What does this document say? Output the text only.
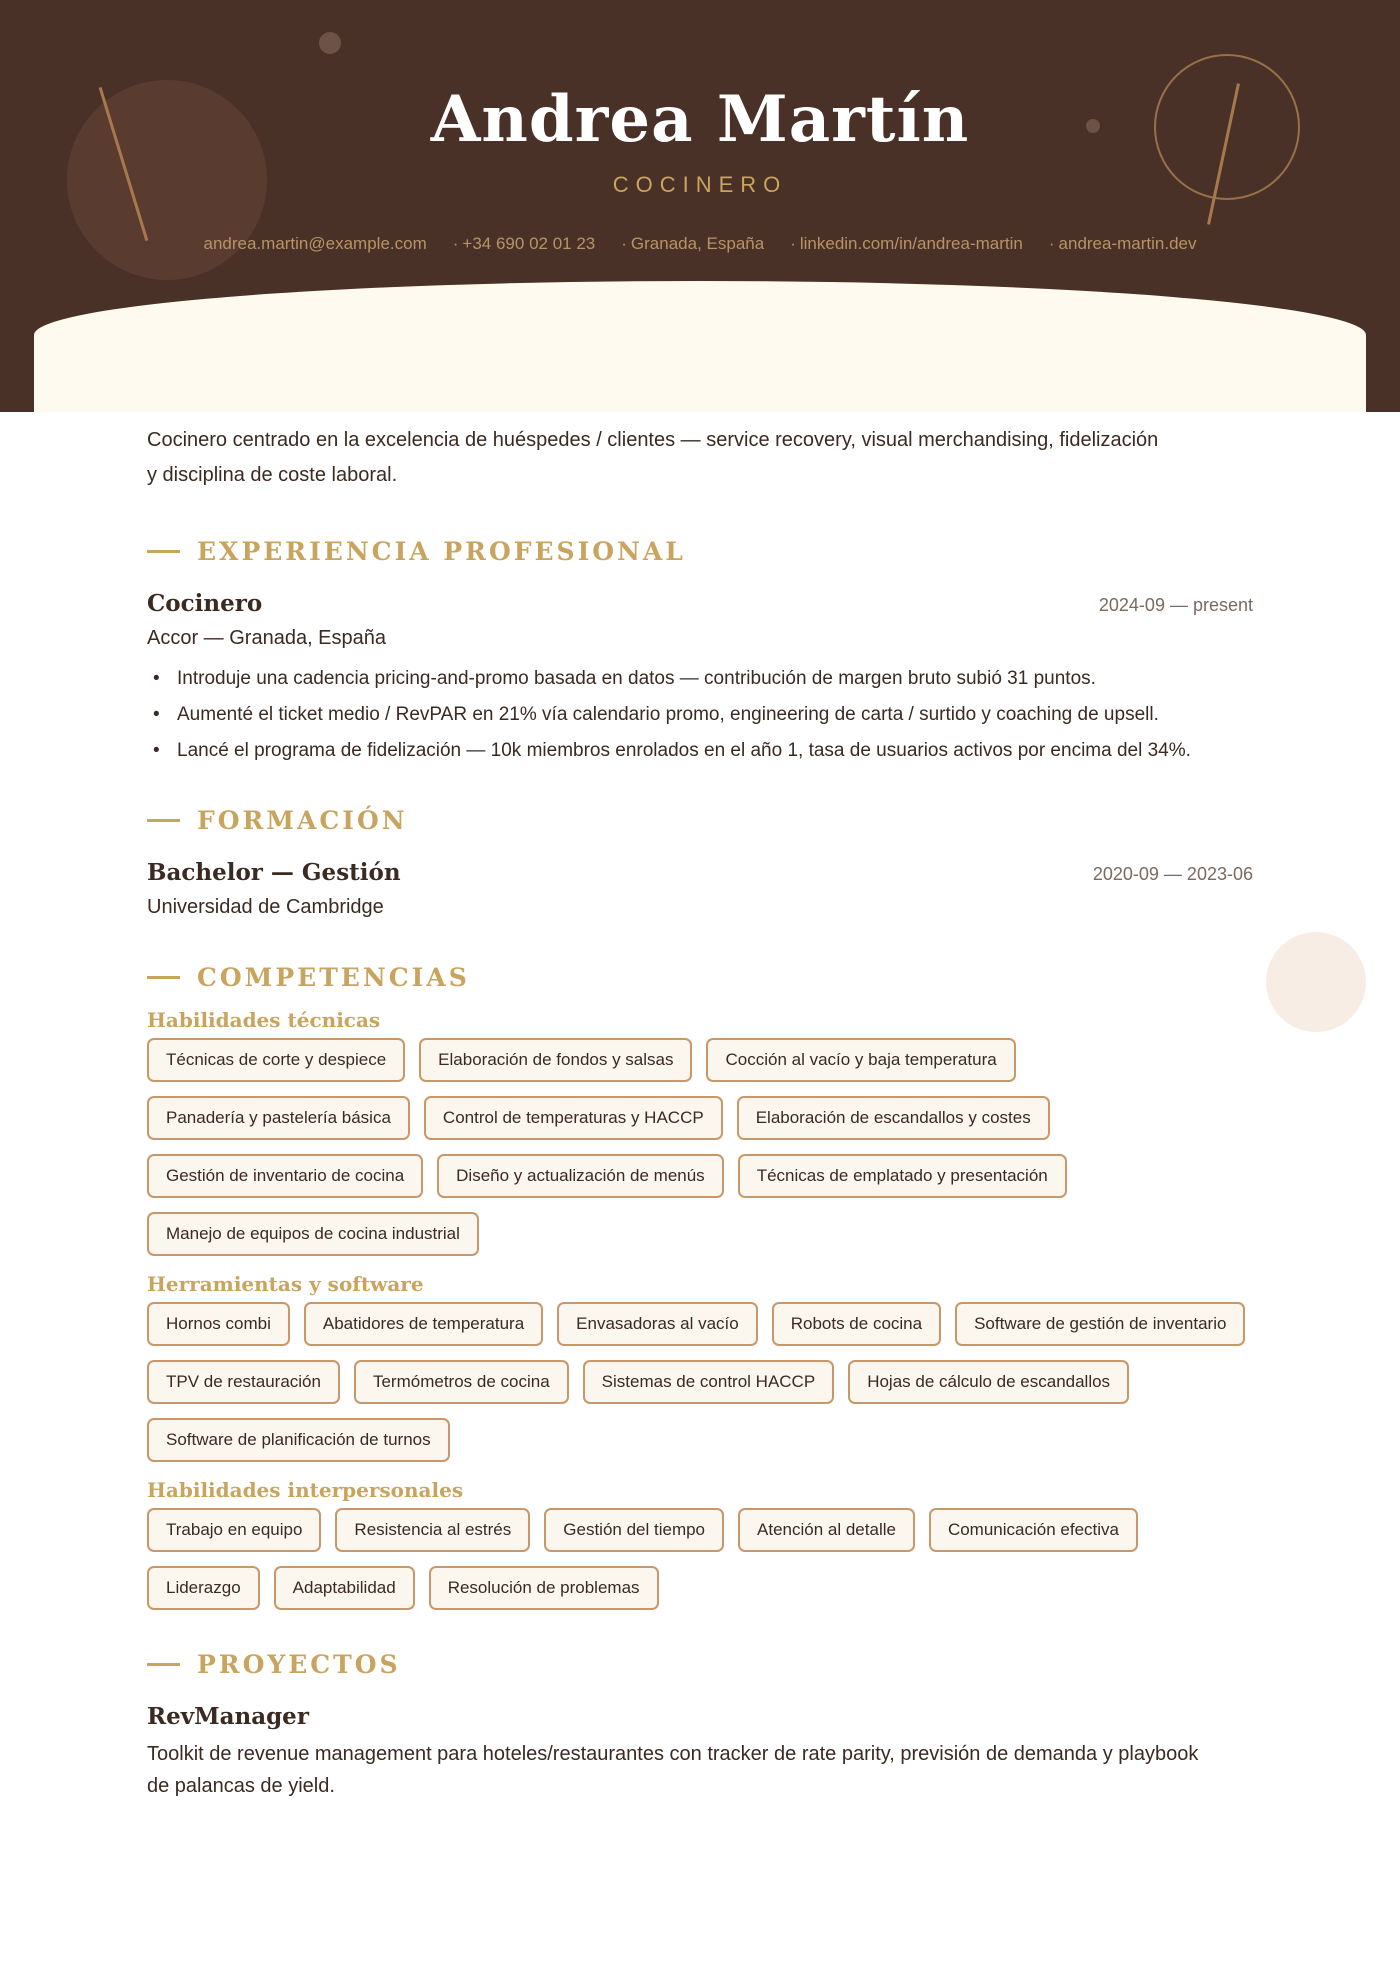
Andrea Martín
COCINERO
andrea.martin@example.com · +34 690 02 01 23 · Granada, España · linkedin.com/in/andrea-martin · andrea-martin.dev

Cocinero centrado en la excelencia de huéspedes / clientes — service recovery, visual merchandising, fidelización y disciplina de coste laboral.

EXPERIENCIA PROFESIONAL
Cocinero	2024-09 — present
Accor — Granada, España
• Introduje una cadencia pricing-and-promo basada en datos — contribución de margen bruto subió 31 puntos.
• Aumenté el ticket medio / RevPAR en 21% vía calendario promo, engineering de carta / surtido y coaching de upsell.
• Lancé el programa de fidelización — 10k miembros enrolados en el año 1, tasa de usuarios activos por encima del 34%.
FORMACIÓN
Bachelor — Gestión	2020-09 — 2023-06
Universidad de Cambridge
COMPETENCIAS
Habilidades técnicas
Técnicas de corte y despiece	Elaboración de fondos y salsas	Cocción al vacío y baja temperatura
Panadería y pastelería básica	Control de temperaturas y HACCP	Elaboración de escandallos y costes
Gestión de inventario de cocina	Diseño y actualización de menús	Técnicas de emplatado y presentación
Manejo de equipos de cocina industrial
Herramientas y software
Hornos combi	Abatidores de temperatura	Envasadoras al vacío	Robots de cocina	Software de gestión de inventario
TPV de restauración	Termómetros de cocina	Sistemas de control HACCP	Hojas de cálculo de escandallos
Software de planificación de turnos
Habilidades interpersonales
Trabajo en equipo	Resistencia al estrés	Gestión del tiempo	Atención al detalle	Comunicación efectiva
Liderazgo	Adaptabilidad	Resolución de problemas
PROYECTOS
RevManager

Toolkit de revenue management para hoteles/restaurantes con tracker de rate parity, previsión de demanda y playbook de palancas de yield.
